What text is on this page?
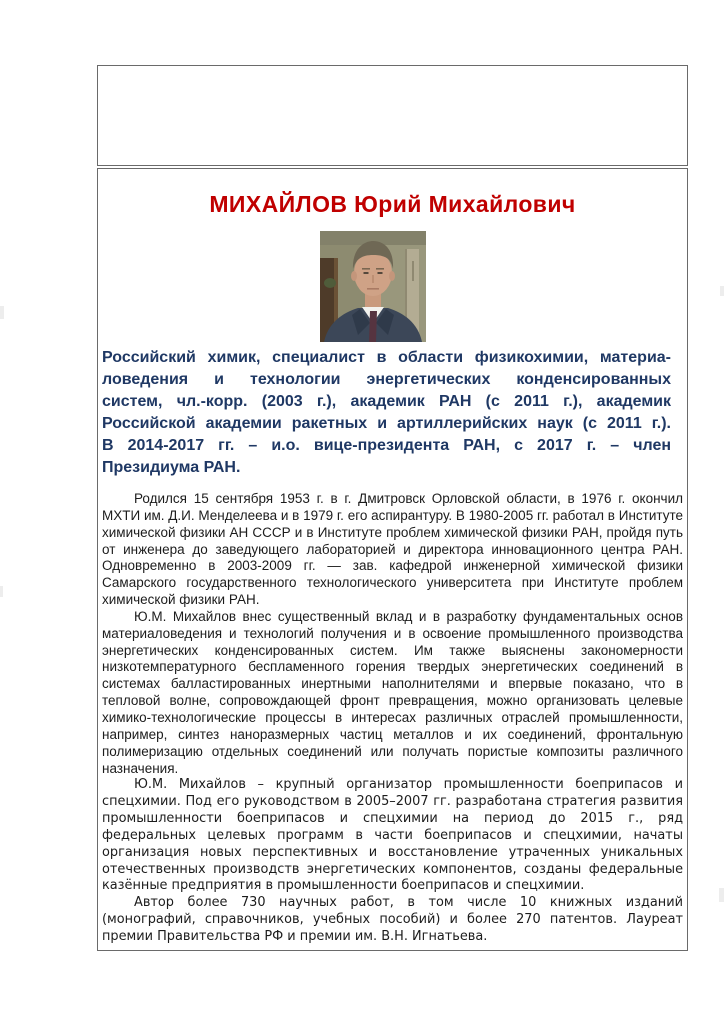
МИХАЙЛОВ Юрий Михайлович
Российский химик, специалист в области физикохимии, материа-
ловедения и технологии энергетических конденсированных
систем, чл.-корр. (2003 г.), академик РАН (с 2011 г.), академик
Российской академии ракетных и артиллерийских наук (с 2011 г.).
В 2014-2017 гг. – и.о. вице-президента РАН, с 2017 г. – член
Президиума РАН.

Родился 15 сентября 1953 г. в г. Дмитровск Орловской области, в 1976 г. окончил МХТИ им. Д.И. Менделеева и в 1979 г. его аспирантуру. В 1980-2005 гг. работал в Институте химической физики АН СССР и в Институте проблем химической физики РАН, пройдя путь от инженера до заведующего лабораторией и директора инновационного центра РАН. Одновременно в 2003-2009 гг. — зав. кафедрой инженерной химической физики Самарского государственного технологического университета при Институте проблем химической физики РАН.

Ю.М. Михайлов внес существенный вклад и в разработку фундаментальных основ материаловедения и технологий получения и в освоение промышленного производства энергетических конденсированных систем. Им также выяснены закономерности низкотемпературного беспламенного горения твердых энергетических соединений в системах балластированных инертными наполнителями и впервые показано, что в тепловой волне, сопровождающей фронт превращения, можно организовать целевые химико-технологические процессы в интересах различных отраслей промышленности, например, синтез наноразмерных частиц металлов и их соединений, фронтальную полимеризацию отдельных соединений или получать пористые композиты различного назначения.

Ю.М. Михайлов – крупный организатор промышленности боеприпасов и спецхимии. Под его руководством в 2005–2007 гг. разработана стратегия развития промышленности боеприпасов и спецхимии на период до 2015 г., ряд федеральных целевых программ в части боеприпасов и спецхимии, начаты организация новых перспективных и восстановление утраченных уникальных отечественных производств энергетических компонентов, созданы федеральные казённые предприятия в промышленности боеприпасов и спецхимии.

Автор более 730 научных работ, в том числе 10 книжных изданий (монографий, справочников, учебных пособий) и более 270 патентов. Лауреат премии Правительства РФ и премии им. В.Н. Игнатьева.
